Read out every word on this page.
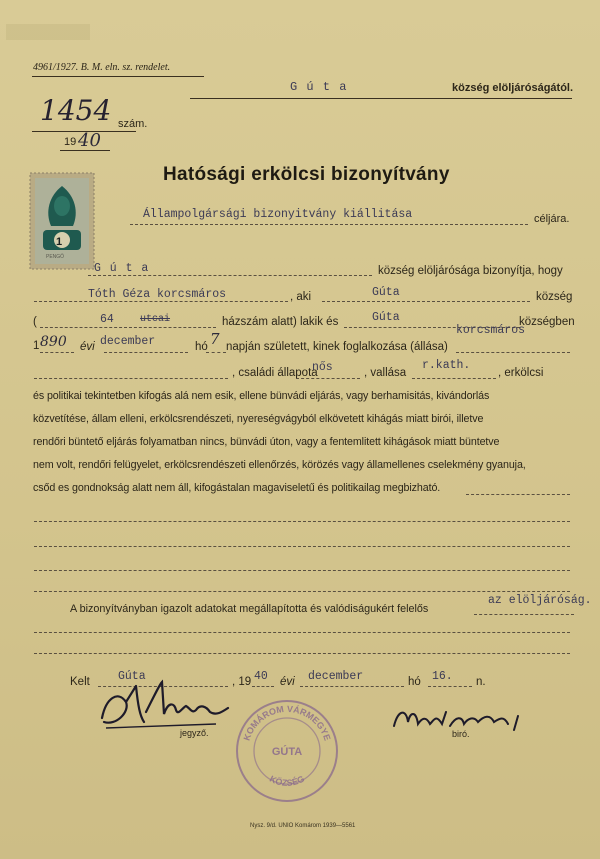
4961/1927. B. M. eln. sz. rendelet.
G ú t a	község elöljáróságától.
1454 szám.
19 40
Hatósági erkölcsi bizonyítvány
1
PENGŐ
Állampolgársági bizonyitvány kiállitása	céljára.
G ú t a	község elöljárósága bizonyítja, hogy
Tóth Géza korcsmáros	, aki	Gúta	község
(	64	utcai	házszám alatt) lakik és	Gúta	községben
1 890 évi december	hó 7 napján született, kinek foglalkozása (állása)
korcsmáros
, családi állapota
nős	, vallása
r.kath.
, erkölcsi
és politikai tekintetben kifogás alá nem esik, ellene bünvádi eljárás, vagy berhamisitás, kivándorlás
közvetítése, állam elleni, erkölcsrendészeti, nyereségvágyból elkövetett kihágás miatt birói, illetve
rendőri büntető eljárás folyamatban nincs, bünvádi úton, vagy a fentemlitett kihágások miatt büntetve
nem volt, rendőri felügyelet, erkölcsrendészeti ellenőrzés, körözés vagy államellenes cselekmény gyanuja,
csőd es gondnokság alatt nem áll, kifogástalan magaviseletű és politikailag megbizható.
A bizonyítványban igazolt adatokat megállapította és valódiságukért felelős
az elöljáróság.
Kelt Gúta	, 19 40 évi december	hó 16. n.
jegyző.	biró.
KOMÁROM VÁRMEGYE
GÚTA
KÖZSÉG
Nysz. 9/d. UNIO Komárom 1939—5561
